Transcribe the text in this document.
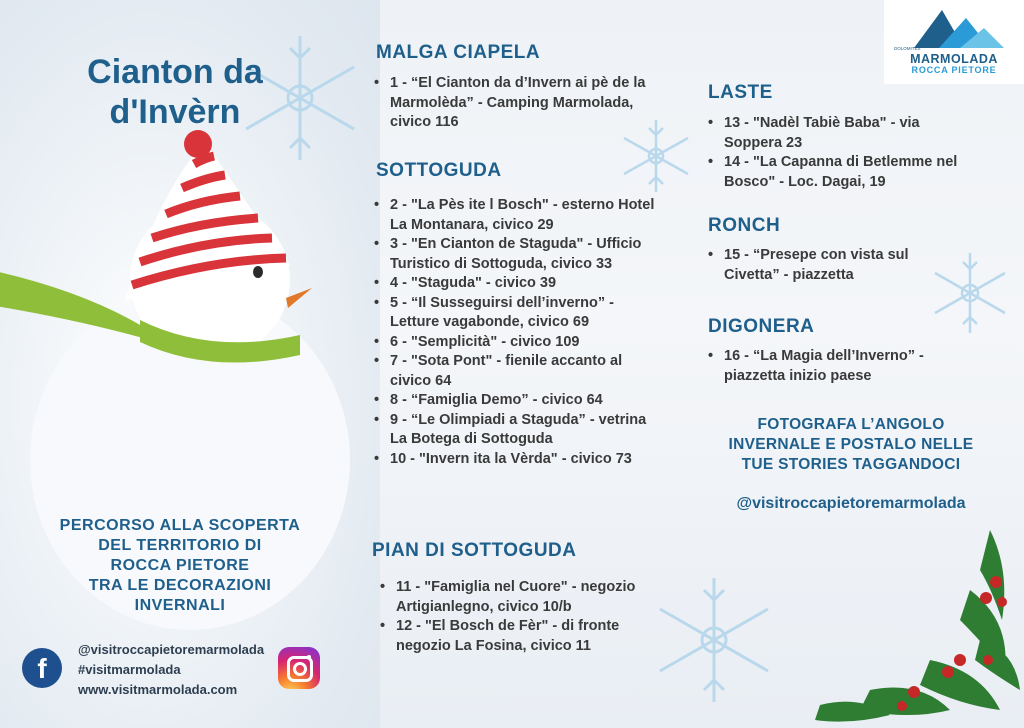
Cianton da d'Invèrn
PERCORSO ALLA SCOPERTA
DEL TERRITORIO DI
ROCCA PIETORE
TRA LE DECORAZIONI
INVERNALI
f
@visitroccapietoremarmolada
#visitmarmolada
www.visitmarmolada.com
MALGA CIAPELA
• 1 - “El Cianton da d’Invern ai pè de la Marmolèda” - Camping Marmolada, civico 116
SOTTOGUDA
• 2 - "La Pès ite l Bosch" - esterno Hotel La Montanara, civico 29
• 3 - "En Cianton de Staguda" - Ufficio Turistico di Sottoguda, civico 33
• 4 - "Staguda" - civico 39
• 5 - “Il Susseguirsi dell’inverno” - Letture vagabonde, civico 69
• 6 - "Semplicità" - civico 109
• 7 - "Sota Pont" - fienile accanto al civico 64
• 8 - “Famiglia Demo” - civico 64
• 9 - “Le Olimpiadi a Staguda” - vetrina La Botega di Sottoguda
• 10 - "Invern ita la Vèrda" - civico 73
PIAN DI SOTTOGUDA
• 11 - "Famiglia nel Cuore" - negozio Artigianlegno, civico 10/b
• 12 - "El Bosch de Fèr" - di fronte negozio La Fosina, civico 11
LASTE
• 13 - "Nadèl Tabiè Baba" - via Soppera 23
• 14 - "La Capanna di Betlemme nel Bosco" - Loc. Dagai, 19
RONCH
• 15 - “Presepe con vista sul Civetta” - piazzetta
DIGONERA
• 16 - “La Magia dell’Inverno” - piazzetta inizio paese
FOTOGRAFA L’ANGOLO
INVERNALE E POSTALO NELLE
TUE STORIES TAGGANDOCI
@visitroccapietoremarmolada
DOLOMITES
MARMOLADA
ROCCA PIETORE
